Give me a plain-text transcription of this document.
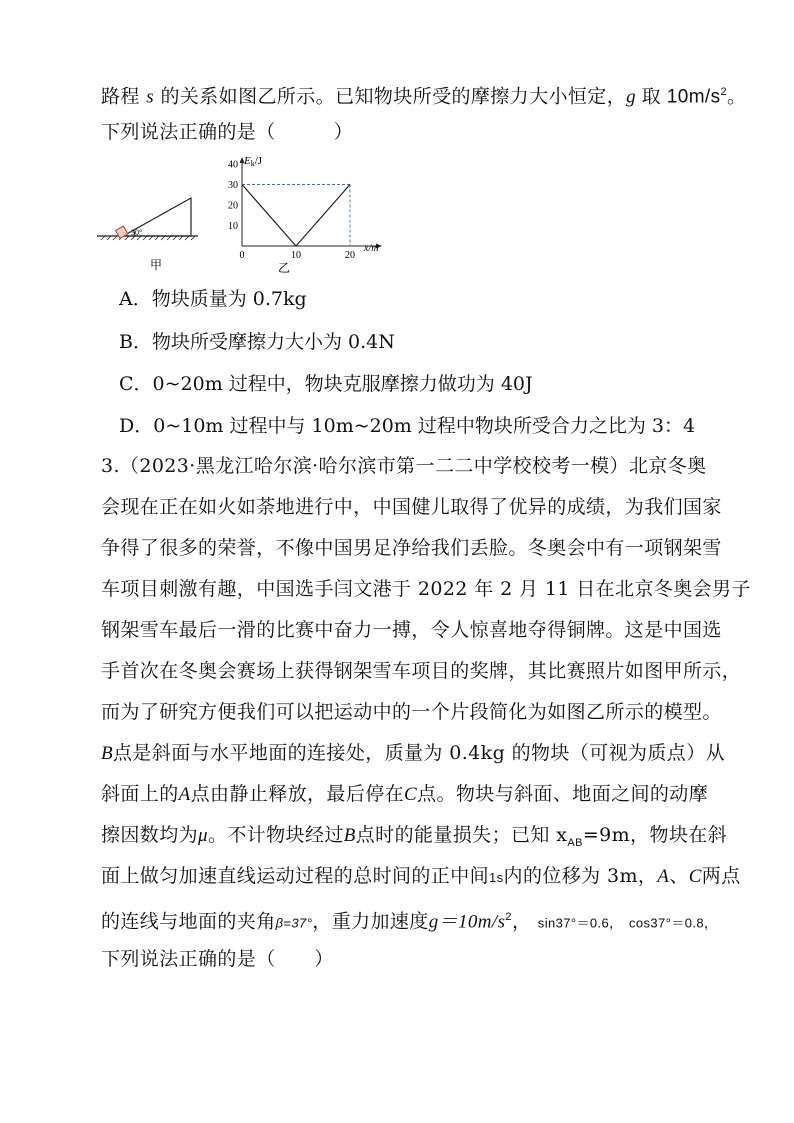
路程 s 的关系如图乙所示。已知物块所受的摩擦力大小恒定，g 取 $10m/s^2$。
下列说法正确的是（　　　）
30°
甲
10
20
30
40
0	10	20
Ek/J
x/m
乙
A．物块质量为 0.7kg
B．物块所受摩擦力大小为 0.4N
C．0~20m 过程中，物块克服摩擦力做功为 40J
D．0~10m 过程中与 10m~20m 过程中物块所受合力之比为 3：4
3.（2023·黑龙江哈尔滨·哈尔滨市第一二二中学校校考一模）北京冬奥
会现在正在如火如荼地进行中，中国健儿取得了优异的成绩，为我们国家
争得了很多的荣誉，不像中国男足净给我们丢脸。冬奥会中有一项钢架雪
车项目刺激有趣，中国选手闫文港于 2022 年 2 月 11 日在北京冬奥会男子
钢架雪车最后一滑的比赛中奋力一搏，令人惊喜地夺得铜牌。这是中国选
手首次在冬奥会赛场上获得钢架雪车项目的奖牌，其比赛照片如图甲所示，
而为了研究方便我们可以把运动中的一个片段简化为如图乙所示的模型。
B点是斜面与水平地面的连接处，质量为 0.4kg 的物块（可视为质点）从
斜面上的A点由静止释放，最后停在C点。物块与斜面、地面之间的动摩
擦因数均为μ。不计物块经过B点时的能量损失；已知 $x_{AB}=9m$，物块在斜
面上做匀加速直线运动过程的总时间的正中间1s内的位移为 3m，A、C两点
的连线与地面的夹角β=37°，重力加速度$g=10m/s^2$， sin37°＝0.6， cos37°＝0.8，
下列说法正确的是（　　）
